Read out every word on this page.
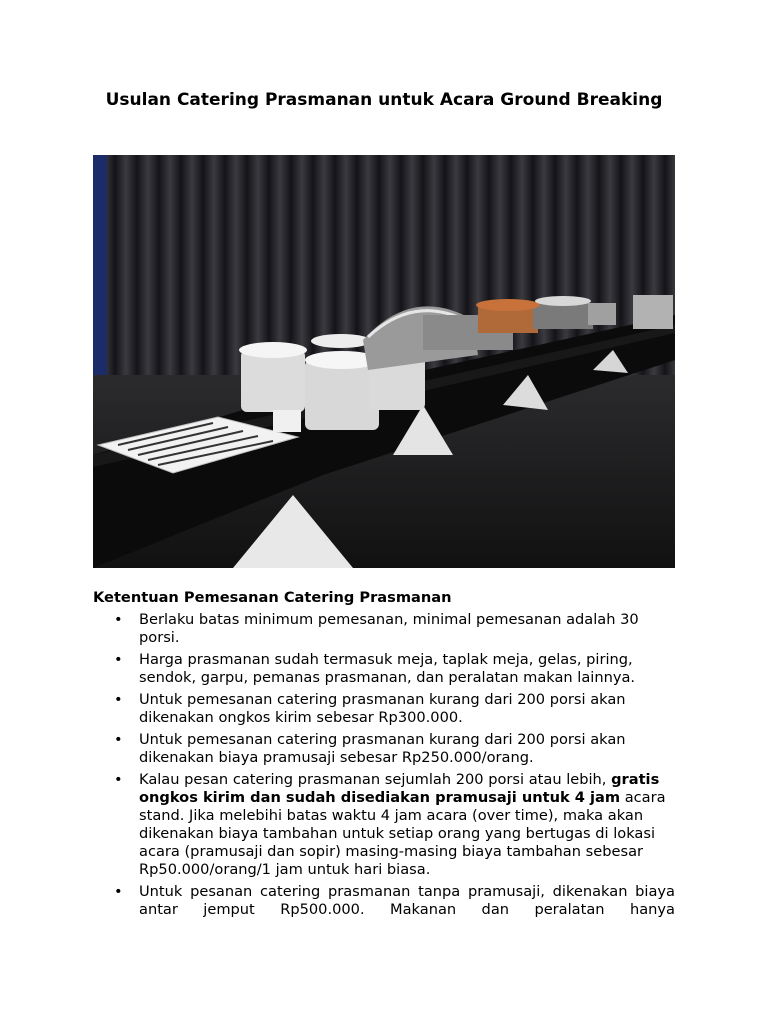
Usulan Catering Prasmanan untuk Acara Ground Breaking
Ketentuan Pemesanan Catering Prasmanan
• Berlaku batas minimum pemesanan, minimal pemesanan adalah 30 porsi.
• Harga prasmanan sudah termasuk meja, taplak meja, gelas, piring, sendok, garpu, pemanas prasmanan, dan peralatan makan lainnya.
• Untuk pemesanan catering prasmanan kurang dari 200 porsi akan dikenakan ongkos kirim sebesar Rp300.000.
• Untuk pemesanan catering prasmanan kurang dari 200 porsi akan dikenakan biaya pramusaji sebesar Rp250.000/orang.
• Kalau pesan catering prasmanan sejumlah 200 porsi atau lebih, gratis ongkos kirim dan sudah disediakan pramusaji untuk 4 jam acara stand. Jika melebihi batas waktu 4 jam acara (over time), maka akan dikenakan biaya tambahan untuk setiap orang yang bertugas di lokasi acara (pramusaji dan sopir) masing-masing biaya tambahan sebesar Rp50.000/orang/1 jam untuk hari biasa.
• Untuk pesanan catering prasmanan tanpa pramusaji, dikenakan biaya antar jemput Rp500.000. Makanan dan peralatan hanya
